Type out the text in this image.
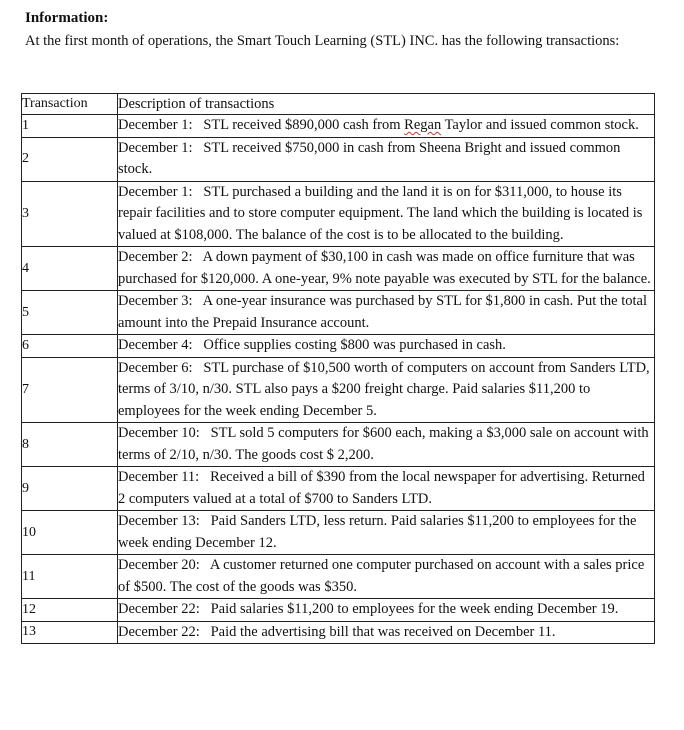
Information:
At the first month of operations, the Smart Touch Learning (STL) INC. has the following transactions:
Transaction	Description of transactions
1	December 1: STL received $890,000 cash from Regan Taylor and issued common stock.
2	December 1: STL received $750,000 in cash from Sheena Bright and issued common stock.
3	December 1: STL purchased a building and the land it is on for $311,000, to house its repair facilities and to store computer equipment. The land which the building is located is valued at $108,000. The balance of the cost is to be allocated to the building.
4	December 2: A down payment of $30,100 in cash was made on office furniture that was purchased for $120,000. A one-year, 9% note payable was executed by STL for the balance.
5	December 3: A one-year insurance was purchased by STL for $1,800 in cash. Put the total amount into the Prepaid Insurance account.
6	December 4: Office supplies costing $800 was purchased in cash.
7	December 6: STL purchase of $10,500 worth of computers on account from Sanders LTD, terms of 3/10, n/30. STL also pays a $200 freight charge. Paid salaries $11,200 to employees for the week ending December 5.
8	December 10: STL sold 5 computers for $600 each, making a $3,000 sale on account with terms of 2/10, n/30. The goods cost $ 2,200.
9	December 11: Received a bill of $390 from the local newspaper for advertising. Returned 2 computers valued at a total of $700 to Sanders LTD.
10	December 13: Paid Sanders LTD, less return. Paid salaries $11,200 to employees for the week ending December 12.
11	December 20: A customer returned one computer purchased on account with a sales price of $500. The cost of the goods was $350.
12	December 22: Paid salaries $11,200 to employees for the week ending December 19.
13	December 22: Paid the advertising bill that was received on December 11.
